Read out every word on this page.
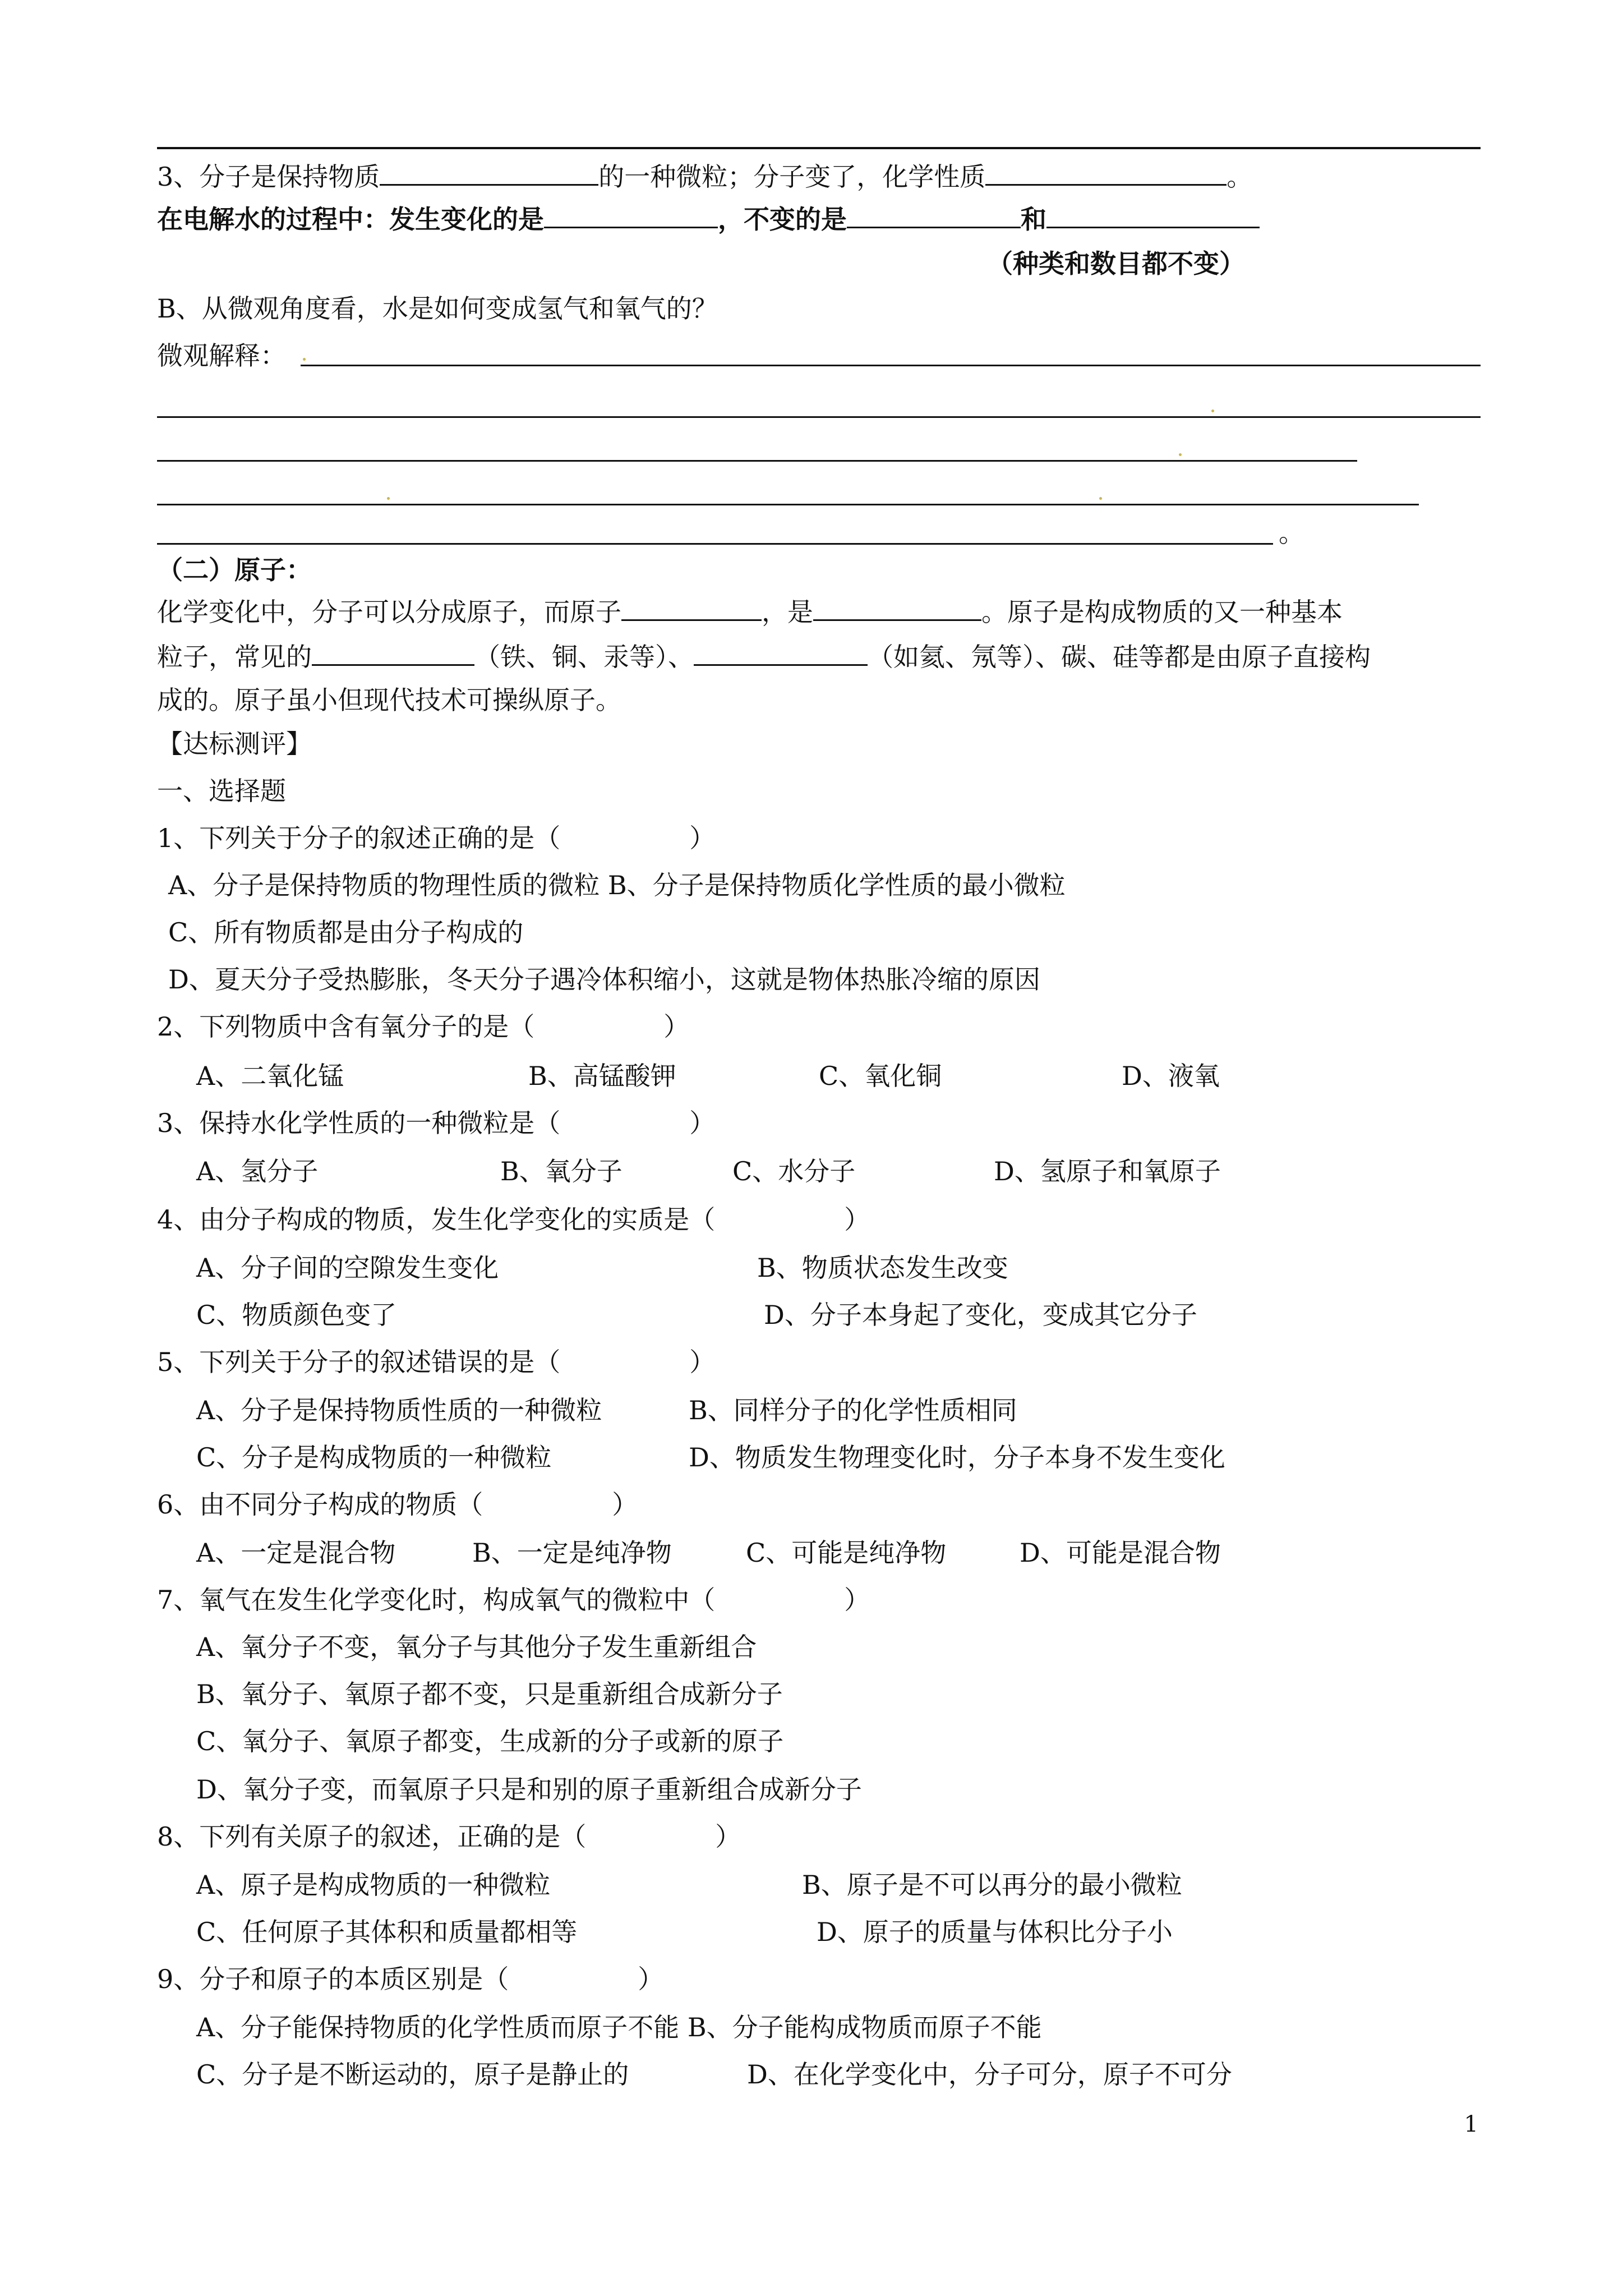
3、分子是保持物质	的一种微粒；分子变了，化学性质	。
在电解水的过程中：发生变化的是	，不变的是	和
（种类和数目都不变）
B、从微观角度看，水是如何变成氢气和氧气的？
微观解释：
。
（二）原子：
化学变化中，分子可以分成原子，而原子	，是	。原子是构成物质的又一种基本
粒子，常见的	（铁、铜、汞等）、	（如氦、氖等）、碳、硅等都是由原子直接构
成的。原子虽小但现代技术可操纵原子。
【达标测评】
一、选择题
1、下列关于分子的叙述正确的是（　　　　　）
A、分子是保持物质的物理性质的微粒 B、分子是保持物质化学性质的最小微粒
C、所有物质都是由分子构成的
D、夏天分子受热膨胀，冬天分子遇冷体积缩小，这就是物体热胀冷缩的原因
2、下列物质中含有氧分子的是（　　　　　）
A、二氧化锰	B、高锰酸钾	C、氧化铜	D、液氧
3、保持水化学性质的一种微粒是（　　　　　）
A、氢分子	B、氧分子	C、水分子	D、氢原子和氧原子
4、由分子构成的物质，发生化学变化的实质是（　　　　　）
A、分子间的空隙发生变化	B、物质状态发生改变
C、物质颜色变了	D、分子本身起了变化，变成其它分子
5、下列关于分子的叙述错误的是（　　　　　）
A、分子是保持物质性质的一种微粒	B、同样分子的化学性质相同
C、分子是构成物质的一种微粒	D、物质发生物理变化时，分子本身不发生变化
6、由不同分子构成的物质（　　　　　）
A、一定是混合物	B、一定是纯净物	C、可能是纯净物	D、可能是混合物
7、氧气在发生化学变化时，构成氧气的微粒中（　　　　　）
A、氧分子不变，氧分子与其他分子发生重新组合
B、氧分子、氧原子都不变，只是重新组合成新分子
C、氧分子、氧原子都变，生成新的分子或新的原子
D、氧分子变，而氧原子只是和别的原子重新组合成新分子
8、下列有关原子的叙述，正确的是（　　　　　）
A、原子是构成物质的一种微粒	B、原子是不可以再分的最小微粒
C、任何原子其体积和质量都相等	D、原子的质量与体积比分子小
9、分子和原子的本质区别是（　　　　　）
A、分子能保持物质的化学性质而原子不能 B、分子能构成物质而原子不能
C、分子是不断运动的，原子是静止的	D、在化学变化中，分子可分，原子不可分
1
